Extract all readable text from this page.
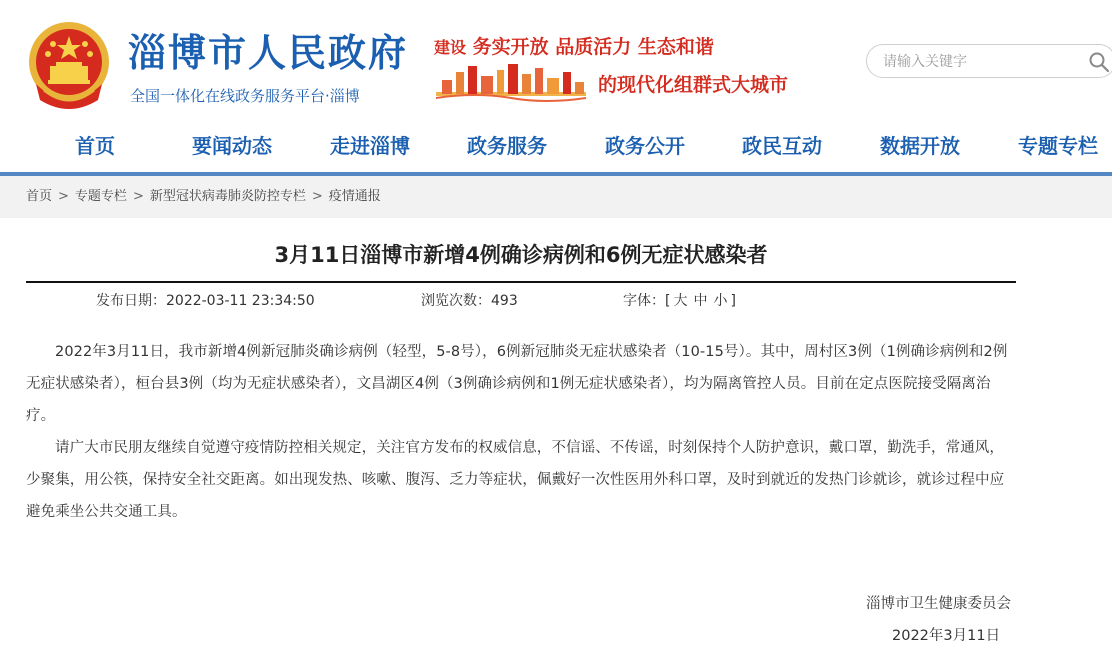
淄博市人民政府
全国一体化在线政务服务平台·淄博
建设 务实开放 品质活力 生态和谐
的现代化组群式大城市
请输入关键字
首页	要闻动态	走进淄博	政务服务	政务公开	政民互动	数据开放	专题专栏
首页 > 专题专栏 > 新型冠状病毒肺炎防控专栏 > 疫情通报
3月11日淄博市新增4例确诊病例和6例无症状感染者
发布日期：2022-03-11 23:34:50	浏览次数：493	字体：[ 大 中 小 ]

2022年3月11日，我市新增4例新冠肺炎确诊病例（轻型，5-8号），6例新冠肺炎无症状感染者（10-15号）。其中，周村区3例（1例确诊病例和2例无症状感染者），桓台县3例（均为无症状感染者），文昌湖区4例（3例确诊病例和1例无症状感染者），均为隔离管控人员。目前在定点医院接受隔离治疗。

请广大市民朋友继续自觉遵守疫情防控相关规定，关注官方发布的权威信息，不信谣、不传谣，时刻保持个人防护意识，戴口罩，勤洗手，常通风，少聚集，用公筷，保持安全社交距离。如出现发热、咳嗽、腹泻、乏力等症状，佩戴好一次性医用外科口罩，及时到就近的发热门诊就诊，就诊过程中应避免乘坐公共交通工具。

淄博市卫生健康委员会
2022年3月11日
